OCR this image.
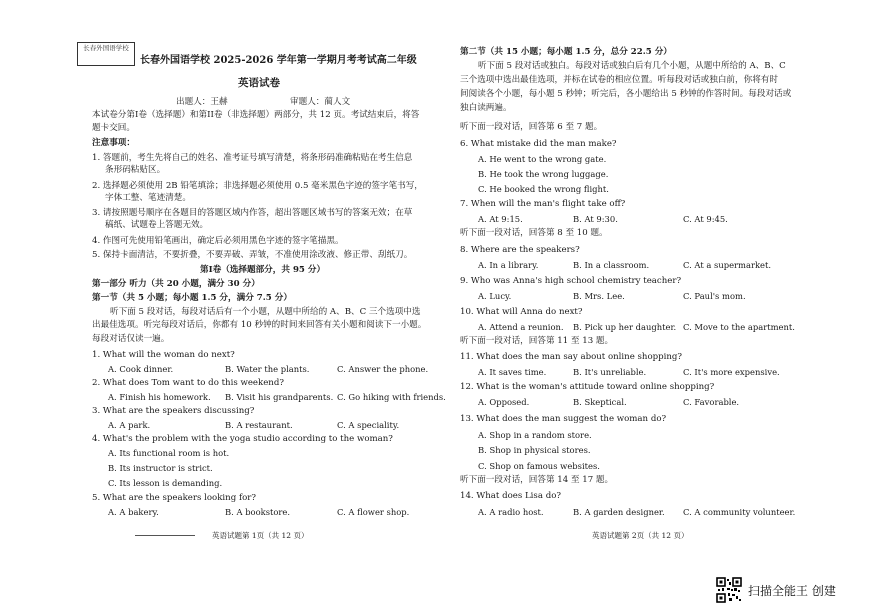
长春外国语学校
长春外国语学校 2025-2026 学年第一学期月考考试高二年级
英语试卷
出题人：王赫	审题人：蔺人文
本试卷分第I卷（选择题）和第II卷（非选择题）两部分，共 12 页。考试结束后，将答
题卡交回。
注意事项：
1. 答题前，考生先将自己的姓名、准考证号填写清楚，将条形码准确粘贴在考生信息
条形码粘贴区。
2. 选择题必须使用 2B 铅笔填涂；非选择题必须使用 0.5 毫米黑色字迹的签字笔书写，
字体工整、笔迹清楚。
3. 请按照题号顺序在各题目的答题区域内作答，超出答题区域书写的答案无效；在草
稿纸、试题卷上答题无效。
4. 作图可先使用铅笔画出，确定后必须用黑色字迹的签字笔描黑。
5. 保持卡面清洁，不要折叠，不要弄破、弄皱，不准使用涂改液、修正带、刮纸刀。
第I卷（选择题部分，共 95 分）
第一部分 听力（共 20 小题，满分 30 分）
第一节（共 5 小题；每小题 1.5 分，满分 7.5 分）
听下面 5 段对话，每段对话后有一个小题，从题中所给的 A、B、C 三个选项中选
出最佳选项。听完每段对话后，你都有 10 秒钟的时间来回答有关小题和阅读下一小题。
每段对话仅读一遍。
1. What will the woman do next?
A. Cook dinner.	B. Water the plants.	C. Answer the phone.
2. What does Tom want to do this weekend?
A. Finish his homework. B. Visit his grandparents. C. Go hiking with friends.
3. What are the speakers discussing?
A. A park.	B. A restaurant.	C. A speciality.
4. What's the problem with the yoga studio according to the woman?
A. Its functional room is hot.
B. Its instructor is strict.
C. Its lesson is demanding.
5. What are the speakers looking for?
A. A bakery.	B. A bookstore.	C. A flower shop.
英语试题第 1页（共 12 页）
第二节（共 15 小题；每小题 1.5 分，总分 22.5 分）
听下面 5 段对话或独白。每段对话或独白后有几个小题，从题中所给的 A、B、C
三个选项中选出最佳选项，并标在试卷的相应位置。听每段对话或独白前，你将有时
间阅读各个小题，每小题 5 秒钟；听完后，各小题给出 5 秒钟的作答时间。每段对话或
独白读两遍。
听下面一段对话，回答第 6 至 7 题。
6. What mistake did the man make?
A. He went to the wrong gate.
B. He took the wrong luggage.
C. He booked the wrong flight.
7. When will the man's flight take off?
A. At 9:15.	B. At 9:30.	C. At 9:45.
听下面一段对话，回答第 8 至 10 题。
8. Where are the speakers?
A. In a library.	B. In a classroom.	C. At a supermarket.
9. Who was Anna's high school chemistry teacher?
A. Lucy.	B. Mrs. Lee.	C. Paul's mom.
10. What will Anna do next?
A. Attend a reunion. B. Pick up her daughter. C. Move to the apartment.
听下面一段对话，回答第 11 至 13 题。
11. What does the man say about online shopping?
A. It saves time.	B. It's unreliable.	C. It's more expensive.
12. What is the woman's attitude toward online shopping?
A. Opposed.	B. Skeptical.	C. Favorable.
13. What does the man suggest the woman do?
A. Shop in a random store.
B. Shop in physical stores.
C. Shop on famous websites.
听下面一段对话，回答第 14 至 17 题。
14. What does Lisa do?
A. A radio host.	B. A garden designer. C. A community volunteer.
英语试题第 2页（共 12 页）
扫描全能王 创建
